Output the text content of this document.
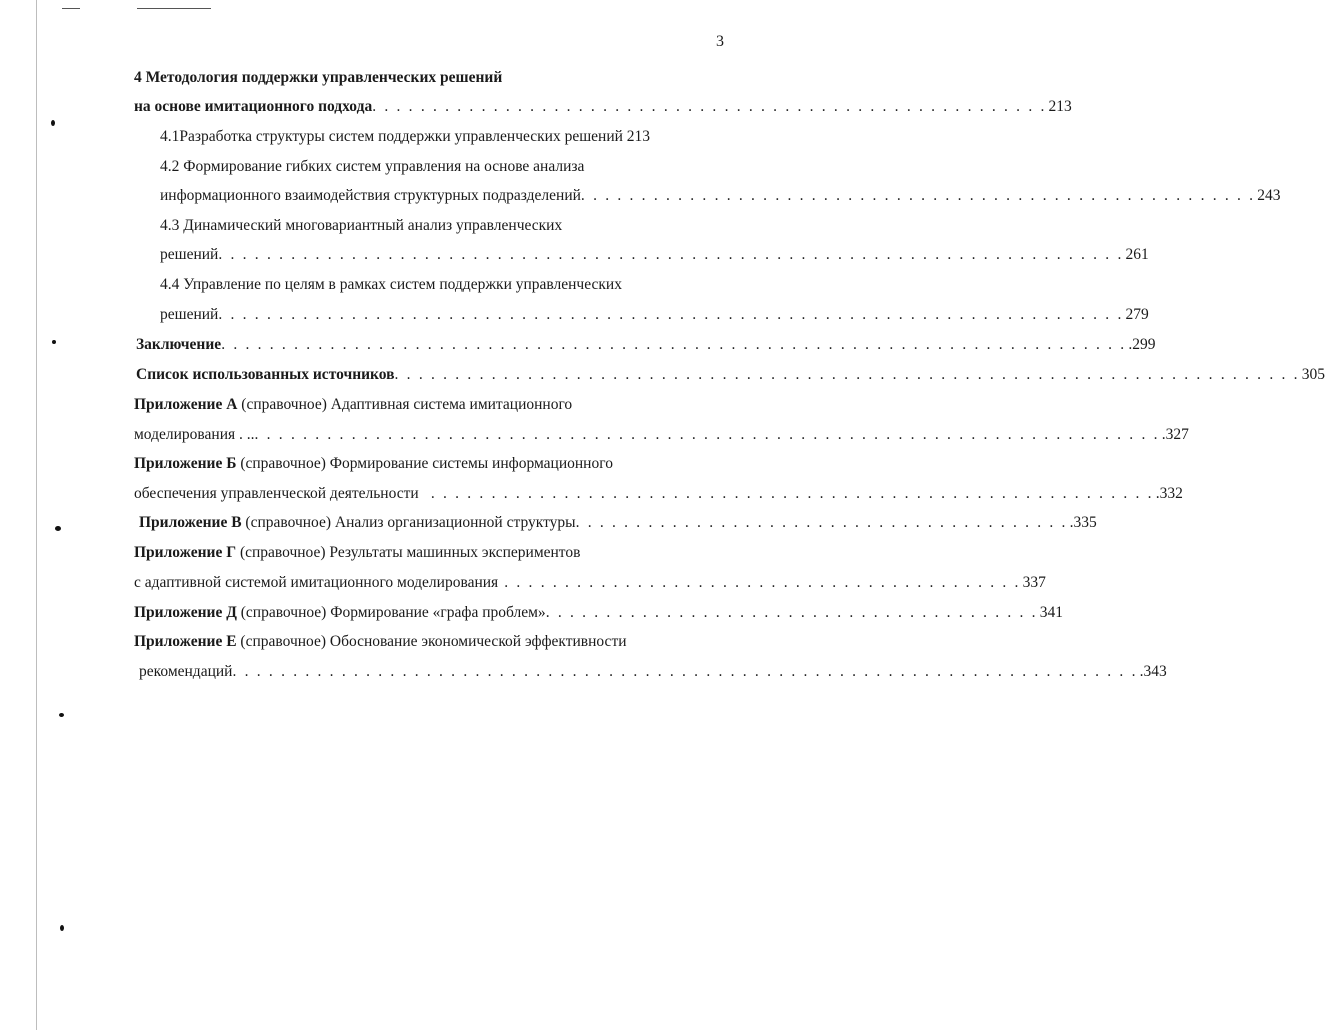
3
4 Методология поддержки управленческих решений
на основе имитационного подхода . . . . . . . . . . . . . . . . . . . . . . . . . . . . . . . . . . . . . . . . . . . . . . . . . . . . . . . . 213
4.1Разработка структуры систем поддержки управленческих решений 213
4.2 Формирование гибких систем управления на основе анализа
информационного взаимодействия структурных подразделений . . . . . . . . . . . . . . . . . . . . . . . . . . . . . . . . . . . . . . . . . . . . . . . . . . . . . . . . 243
4.3 Динамический многовариантный анализ управленческих
решений . . . . . . . . . . . . . . . . . . . . . . . . . . . . . . . . . . . . . . . . . . . . . . . . . . . . . . . . . . . . . . . . . . . . . . . . . . . 261
4.4 Управление по целям в рамках систем поддержки управленческих
решений . . . . . . . . . . . . . . . . . . . . . . . . . . . . . . . . . . . . . . . . . . . . . . . . . . . . . . . . . . . . . . . . . . . . . . . . . . . 279
Заключение . . . . . . . . . . . . . . . . . . . . . . . . . . . . . . . . . . . . . . . . . . . . . . . . . . . . . . . . . . . . . . . . . . . . . . . . . . . .299
Список использованных источников . . . . . . . . . . . . . . . . . . . . . . . . . . . . . . . . . . . . . . . . . . . . . . . . . . . . . . . . . . . . . . . . . . . . . . . . . . . 305
Приложение А (справочное) Адаптивная система имитационного
моделирования . .. . . . . . . . . . . . . . . . . . . . . . . . . . . . . . . . . . . . . . . . . . . . . . . . . . . . . . . . . . . . . . . . . . . . . . . . . . . . .327
Приложение Б (справочное) Формирование системы информационного
обеспечения управленческой деятельности . . . . . . . . . . . . . . . . . . . . . . . . . . . . . . . . . . . . . . . . . . . . . . . . . . . . . . . . . . . . .332
Приложение В (справочное) Анализ организационной структуры . . . . . . . . . . . . . . . . . . . . . . . . . . . . . . . . . . . . . . . . . .335
Приложение Г (справочное) Результаты машинных экспериментов
с адаптивной системой имитационного моделирования . . . . . . . . . . . . . . . . . . . . . . . . . . . . . . . . . . . . . . . . . . . 337
Приложение Д (справочное) Формирование «графа проблем» . . . . . . . . . . . . . . . . . . . . . . . . . . . . . . . . . . . . . . . . . 341
Приложение Е (справочное) Обоснование экономической эффективности
рекомендаций . . . . . . . . . . . . . . . . . . . . . . . . . . . . . . . . . . . . . . . . . . . . . . . . . . . . . . . . . . . . . . . . . . . . . . . . . . . .343
